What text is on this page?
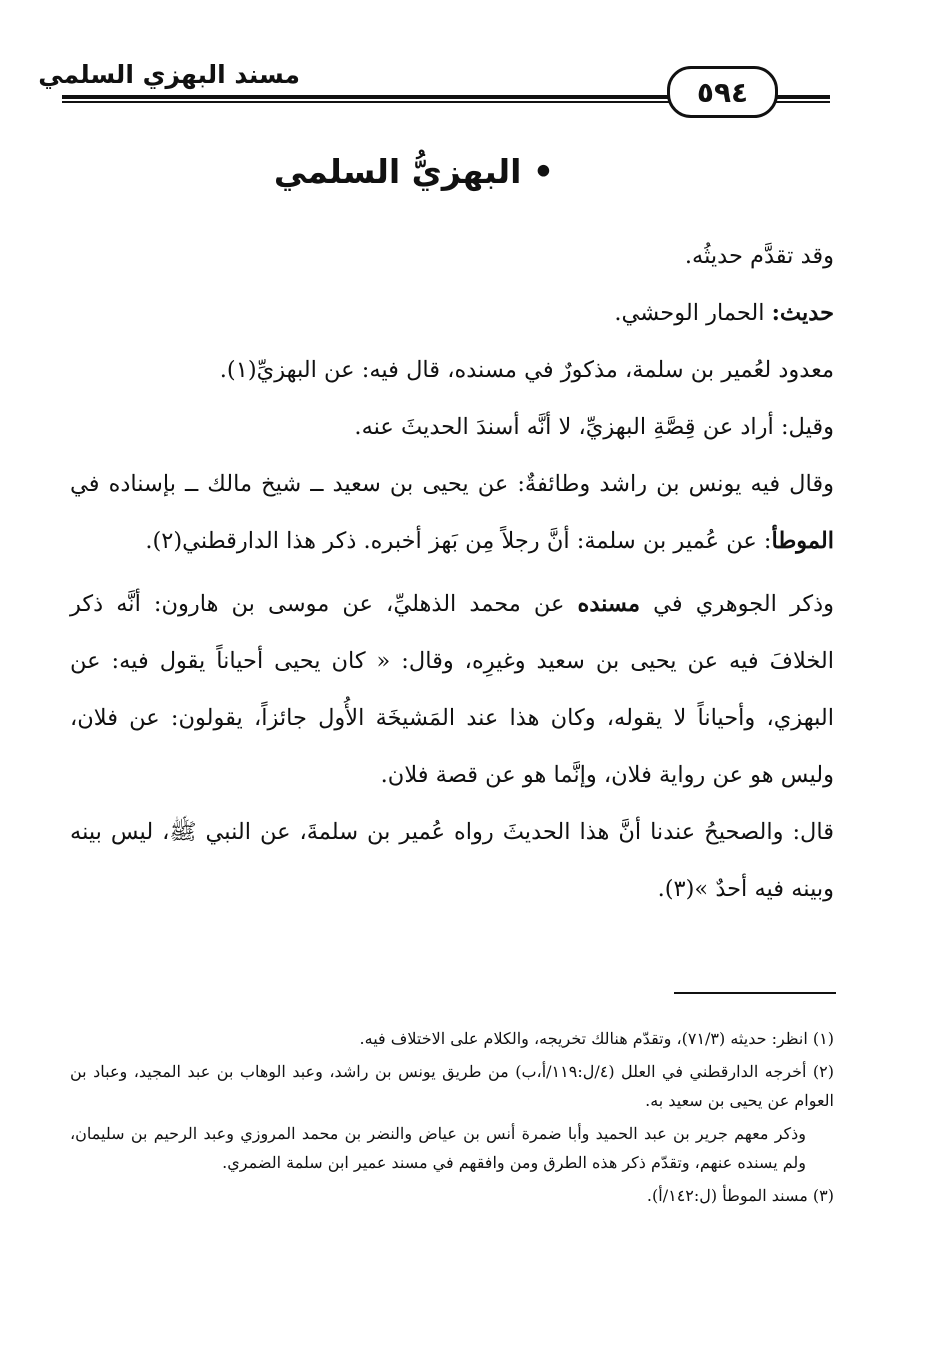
مسند البهزي السلمي
٥٩٤
• البهزيُّ السلمي

وقد تقدَّم حديثُه.

حديث: الحمار الوحشي.

معدود لعُمير بن سلمة، مذكورٌ في مسنده، قال فيه: عن البهزيِّ(١).

وقيل: أراد عن قِصَّةِ البهزيِّ، لا أنَّه أسندَ الحديثَ عنه.

وقال فيه يونس بن راشد وطائفةٌ: عن يحيى بن سعيد ــ شيخ مالك ــ بإسناده في الموطأ: عن عُمير بن سلمة: أنَّ رجلاً مِن بَهز أخبره. ذكر هذا الدارقطني(٢).

وذكر الجوهري في مسنده عن محمد الذهليِّ، عن موسى بن هارون: أنَّه ذكر الخلافَ فيه عن يحيى بن سعيد وغيرِه، وقال: « كان يحيى أحياناً يقول فيه: عن البهزي، وأحياناً لا يقوله، وكان هذا عند المَشيخَة الأُول جائزاً، يقولون: عن فلان، وليس هو عن رواية فلان، وإنَّما هو عن قصة فلان.

قال: والصحيحُ عندنا أنَّ هذا الحديثَ رواه عُمير بن سلمةَ، عن النبي ﷺ، ليس بينه وبينه فيه أحدٌ »(٣).

(١) انظر: حديثه (٧١/٣)، وتقدّم هنالك تخريجه، والكلام على الاختلاف فيه.

(٢) أخرجه الدارقطني في العلل (٤/ل:١١٩/أ،ب) من طريق يونس بن راشد، وعبد الوهاب بن عبد المجيد، وعباد بن العوام عن يحيى بن سعيد به.

وذكر معهم جرير بن عبد الحميد وأبا ضمرة أنس بن عياض والنضر بن محمد المروزي وعبد الرحيم بن سليمان، ولم يسنده عنهم، وتقدّم ذكر هذه الطرق ومن وافقهم في مسند عمير ابن سلمة الضمري.

(٣) مسند الموطأ (ل:١٤٢/أ).
